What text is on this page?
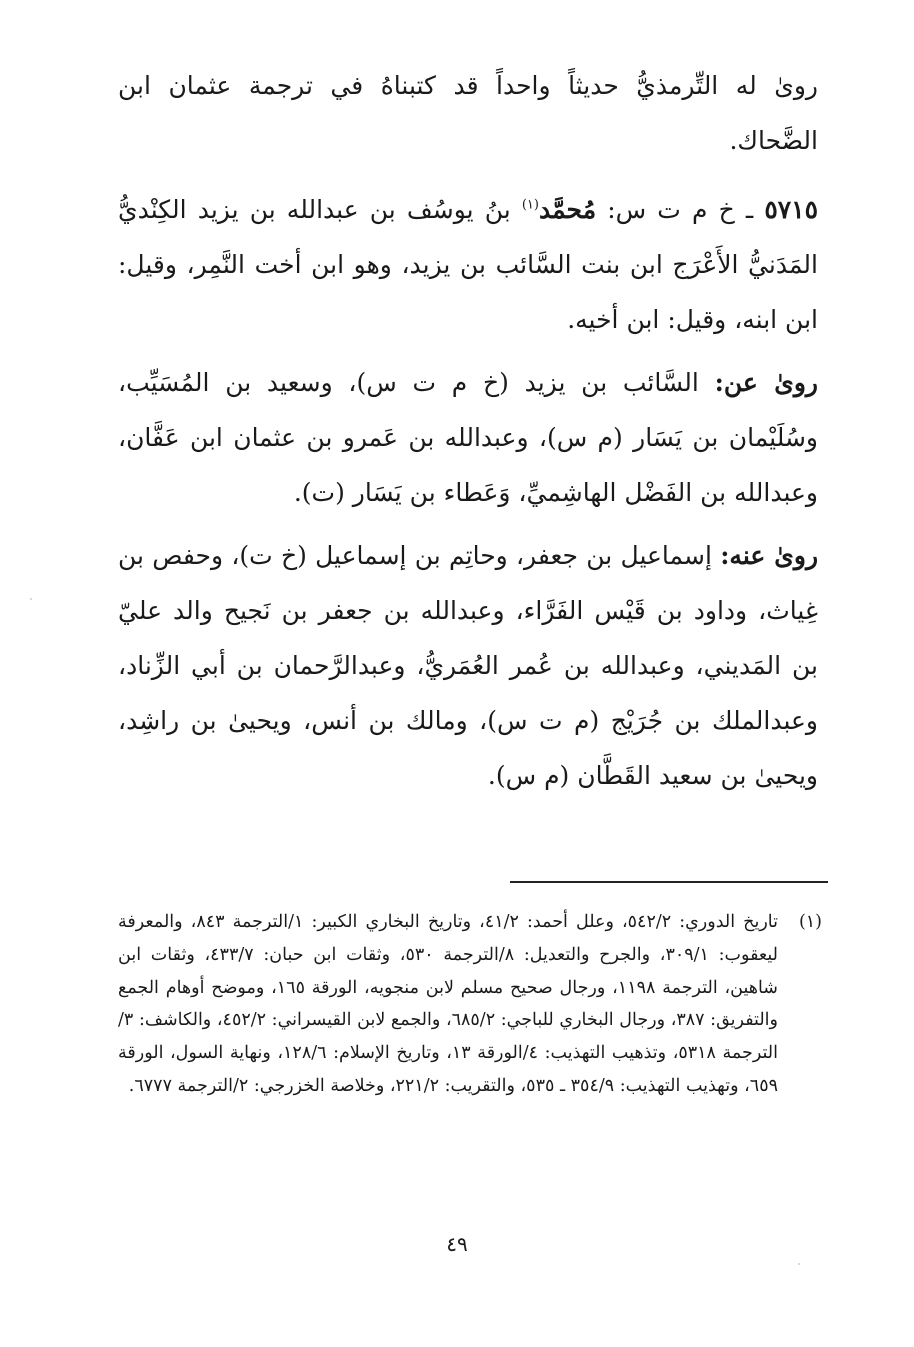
رویٰ له التِّرمذيُّ حديثاً واحداً قد كتبناهُ في ترجمة عثمان ابن الضَّحاك.

٥٧١٥ ـ خ م ت س: مُحمَّد$^{(١)}$ بنُ يوسُف بن عبدالله بن يزيد الكِنْديُّ المَدَنيُّ الأَعْرَج ابن بنت السَّائب بن يزيد، وهو ابن أخت النَّمِر، وقيل: ابن ابنه، وقيل: ابن أخيه.

رویٰ عن: السَّائب بن يزيد (خ م ت س)، وسعيد بن المُسَيِّب، وسُلَيْمان بن يَسَار (م س)، وعبدالله بن عَمرو بن عثمان ابن عَفَّان، وعبدالله بن الفَضْل الهاشِميِّ، وَعَطاء بن يَسَار (ت).

رویٰ عنه: إسماعيل بن جعفر، وحاتِم بن إسماعيل (خ ت)، وحفص بن غِياث، وداود بن قَيْس الفَرَّاء، وعبدالله بن جعفر بن نَجيح والد عليّ بن المَديني، وعبدالله بن عُمر العُمَريُّ، وعبدالرَّحمان بن أبي الزِّناد، وعبدالملك بن جُرَيْج (م ت س)، ومالك بن أنس، ويحيىٰ بن راشِد، ويحيىٰ بن سعيد القَطَّان (م س).

(١)
تاريخ الدوري: ٥٤٢/٢، وعلل أحمد: ٤١/٢، وتاريخ البخاري الكبير: ١/الترجمة ٨٤٣، والمعرفة ليعقوب: ٣٠٩/١، والجرح والتعديل: ٨/الترجمة ٥٣٠، وثقات ابن حبان: ٤٣٣/٧، وثقات ابن شاهين، الترجمة ١١٩٨، ورجال صحيح مسلم لابن منجويه، الورقة ١٦٥، وموضح أوهام الجمع والتفريق: ٣٨٧، ورجال البخاري للباجي: ٦٨٥/٢، والجمع لابن القيسراني: ٤٥٢/٢، والكاشف: ٣/الترجمة ٥٣١٨، وتذهيب التهذيب: ٤/الورقة ١٣، وتاريخ الإسلام: ١٢٨/٦، ونهاية السول، الورقة ٦٥٩، وتهذيب التهذيب: ٣٥٤/٩ ـ ٥٣٥، والتقريب: ٢٢١/٢، وخلاصة الخزرجي: ٢/الترجمة ٦٧٧٧.
٤٩
